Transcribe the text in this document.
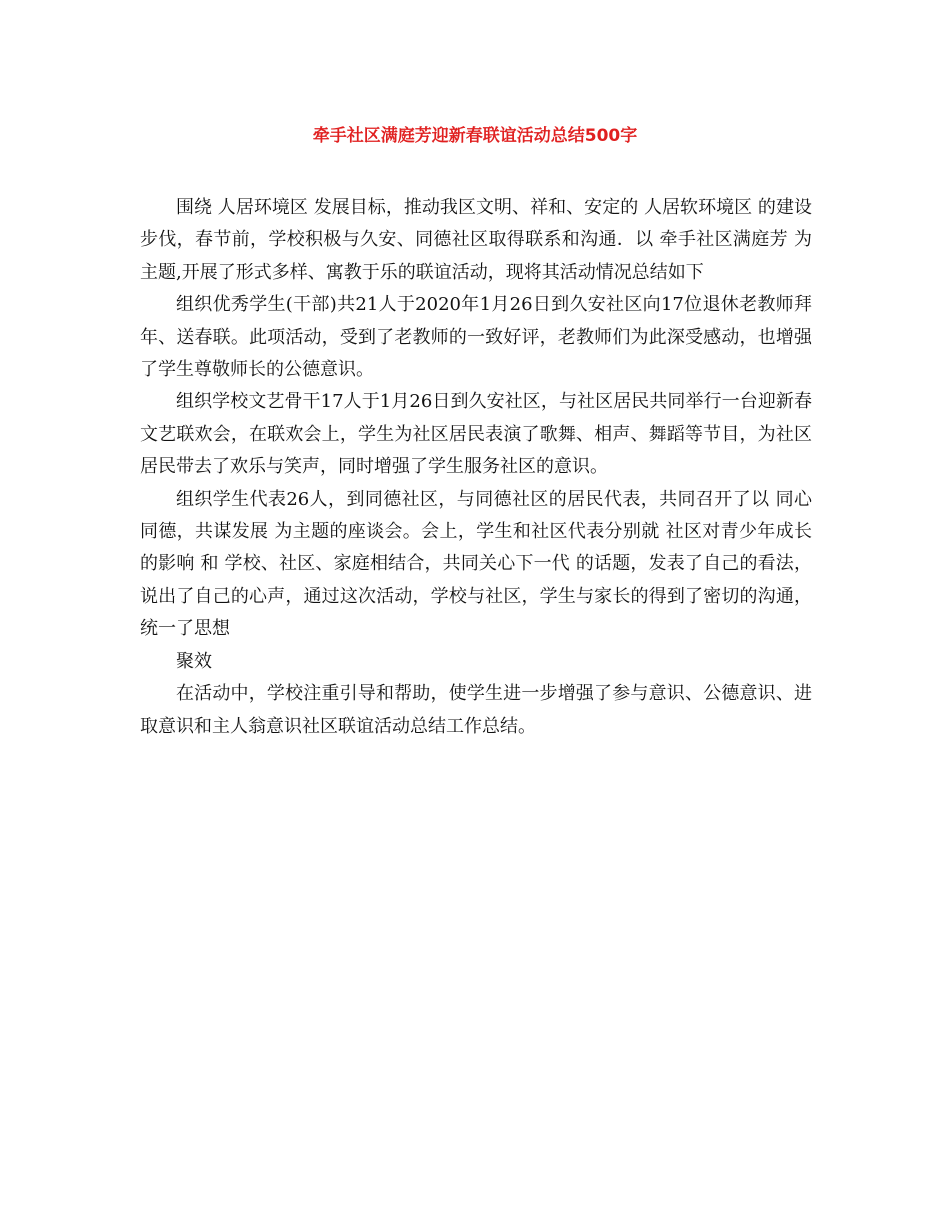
牵手社区满庭芳迎新春联谊活动总结500字

围绕 人居环境区 发展目标，推动我区文明、祥和、安定的 人居软环境区 的建设步伐，春节前，学校积极与久安、同德社区取得联系和沟通．以 牵手社区满庭芳 为主题,开展了形式多样、寓教于乐的联谊活动，现将其活动情况总结如下

组织优秀学生(干部)共21人于2020年1月26日到久安社区向17位退休老教师拜年、送春联。此项活动，受到了老教师的一致好评，老教师们为此深受感动，也增强了学生尊敬师长的公德意识。

组织学校文艺骨干17人于1月26日到久安社区，与社区居民共同举行一台迎新春文艺联欢会，在联欢会上，学生为社区居民表演了歌舞、相声、舞蹈等节目，为社区居民带去了欢乐与笑声，同时增强了学生服务社区的意识。

组织学生代表26人，到同德社区，与同德社区的居民代表，共同召开了以 同心同德，共谋发展 为主题的座谈会。会上，学生和社区代表分别就 社区对青少年成长的影响 和 学校、社区、家庭相结合，共同关心下一代 的话题，发表了自己的看法，说出了自己的心声，通过这次活动，学校与社区，学生与家长的得到了密切的沟通，统一了思想

聚效

在活动中，学校注重引导和帮助，使学生进一步增强了参与意识、公德意识、进取意识和主人翁意识社区联谊活动总结工作总结。
